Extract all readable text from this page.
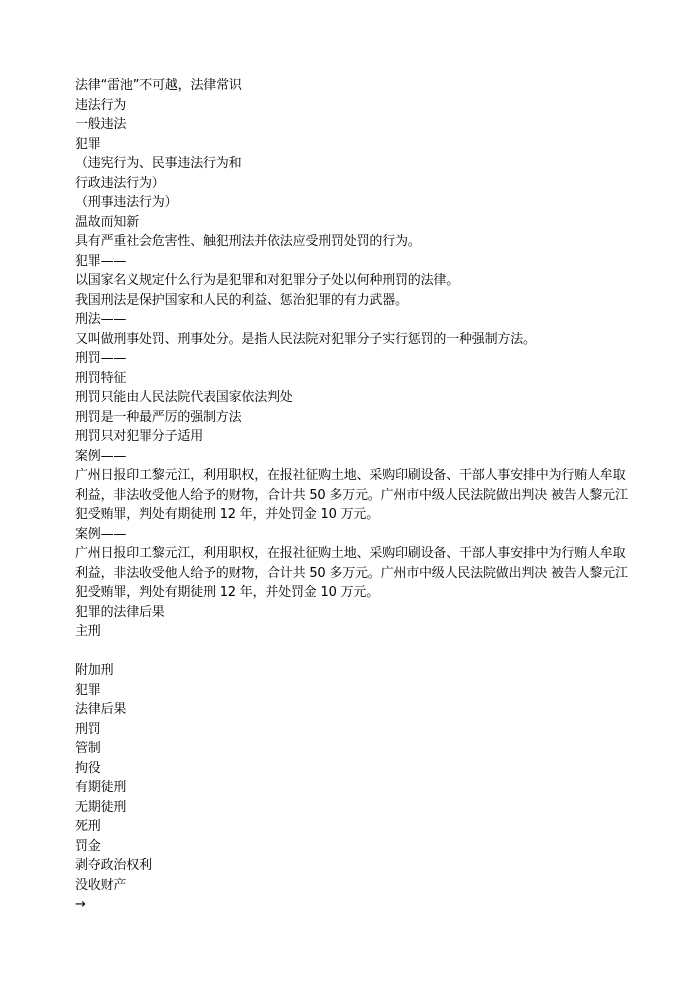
法律“雷池”不可越，法律常识
违法行为
一般违法
犯罪
（违宪行为、民事违法行为和
行政违法行为）
（刑事违法行为）
温故而知新
具有严重社会危害性、触犯刑法并依法应受刑罚处罚的行为。
犯罪——
以国家名义规定什么行为是犯罪和对犯罪分子处以何种刑罚的法律。
我国刑法是保护国家和人民的利益、惩治犯罪的有力武器。
刑法——
又叫做刑事处罚、刑事处分。是指人民法院对犯罪分子实行惩罚的一种强制方法。
刑罚——
刑罚特征
刑罚只能由人民法院代表国家依法判处
刑罚是一种最严厉的强制方法
刑罚只对犯罪分子适用
案例——
广州日报印工黎元江，利用职权，在报社征购土地、采购印刷设备、干部人事安排中为行贿人牟取
利益，非法收受他人给予的财物，合计共 50 多万元。广州市中级人民法院做出判决 被告人黎元江
犯受贿罪，判处有期徒刑 12 年，并处罚金 10 万元。
案例——
广州日报印工黎元江，利用职权，在报社征购土地、采购印刷设备、干部人事安排中为行贿人牟取
利益，非法收受他人给予的财物，合计共 50 多万元。广州市中级人民法院做出判决 被告人黎元江
犯受贿罪，判处有期徒刑 12 年，并处罚金 10 万元。
犯罪的法律后果
主刑
附加刑
犯罪
法律后果
刑罚
管制
拘役
有期徒刑
无期徒刑
死刑
罚金
剥夺政治权利
没收财产
→
